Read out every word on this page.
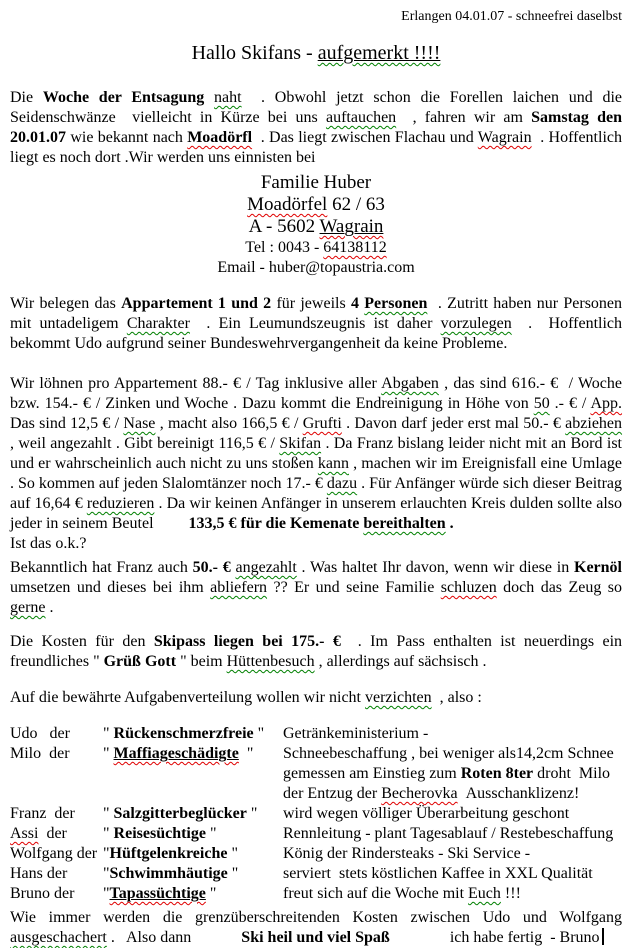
Erlangen 04.01.07 - schneefrei daselbst
Hallo Skifans - aufgemerkt !!!!

Die Woche der Entsagung naht  . Obwohl jetzt schon die Forellen laichen und die Seidenschwänze  vielleicht in Kürze bei uns auftauchen  , fahren wir am Samstag den 20.01.07 wie bekannt nach Moadörfl  . Das liegt zwischen Flachau und Wagrain  . Hoffentlich liegt es noch dort .Wir werden uns einnisten bei

Familie Huber
Moadörfel 62 / 63
A - 5602 Wagrain
Tel : 0043 - 64138112
Email - huber@topaustria.com

Wir belegen das Appartement 1 und 2 für jeweils 4 Personen  . Zutritt haben nur Personen mit untadeligem Charakter  . Ein Leumundszeugnis ist daher vorzulegen  .  Hoffentlich bekommt Udo aufgrund seiner Bundeswehrvergangenheit da keine Probleme.

Wir löhnen pro Appartement 88.- € / Tag inklusive aller Abgaben , das sind 616.- €  / Woche bzw. 154.- € / Zinken und Woche . Dazu kommt die Endreinigung in Höhe von 50 .- € / App. Das sind 12,5 € / Nase , macht also 166,5 € / Grufti . Davon darf jeder erst mal 50.- € abziehen , weil angezahlt . Gibt bereinigt 116,5 € / Skifan . Da Franz bislang leider nicht mit an Bord ist und er wahrscheinlich auch nicht zu uns stoßen kann , machen wir im Ereignisfall eine Umlage . So kommen auf jeden Slalomtänzer noch 17.- € dazu . Für Anfänger würde sich dieser Beitrag auf 16,64 € reduzieren . Da wir keinen Anfänger in unserem erlauchten Kreis dulden sollte also jeder in seinem Beutel 133,5 € für die Kemenate bereithalten .
Ist das o.k.?

Bekanntlich hat Franz auch 50.- € angezahlt . Was haltet Ihr davon, wenn wir diese in Kernöl umsetzen und dieses bei ihm abliefern ?? Er und seine Familie schluzen doch das Zeug so gerne .

Die Kosten für den Skipass liegen bei 175.- €  . Im Pass enthalten ist neuerdings ein freundliches " Grüß Gott " beim Hüttenbesuch , allerdings auf sächsisch .

Auf die bewährte Aufgabenverteilung wollen wir nicht verzichten  , also :

Udo   der	" Rückenschmerzfreie "	Getränkeministerium -
Milo  der	" Maffiageschädigte  "	Schneebeschaffung , bei weniger als14,2cm Schnee
gemessen am Einstieg zum Roten 8ter droht  Milo
der Entzug der Becherovka  Ausschanklizenz!
Franz  der	" Salzgitterbeglücker "	wird wegen völliger Überarbeitung geschont
Assi  der	" Reisesüchtige "	Rennleitung - plant Tagesablauf / Restebeschaffung
Wolfgang der "Hüftgelenkreiche "	König der Rindersteaks - Ski Service -
Hans der	"Schwimmhäutige "	serviert  stets köstlichen Kaffee in XXL Qualität
Bruno der	"Tapassüchtige "	freut sich auf die Woche mit Euch !!!

Wie immer werden die grenzüberschreitenden Kosten zwischen Udo und Wolfgang ausgeschachert .   Also dann	Ski heil und viel Spaß	ich habe fertig  - Bruno
